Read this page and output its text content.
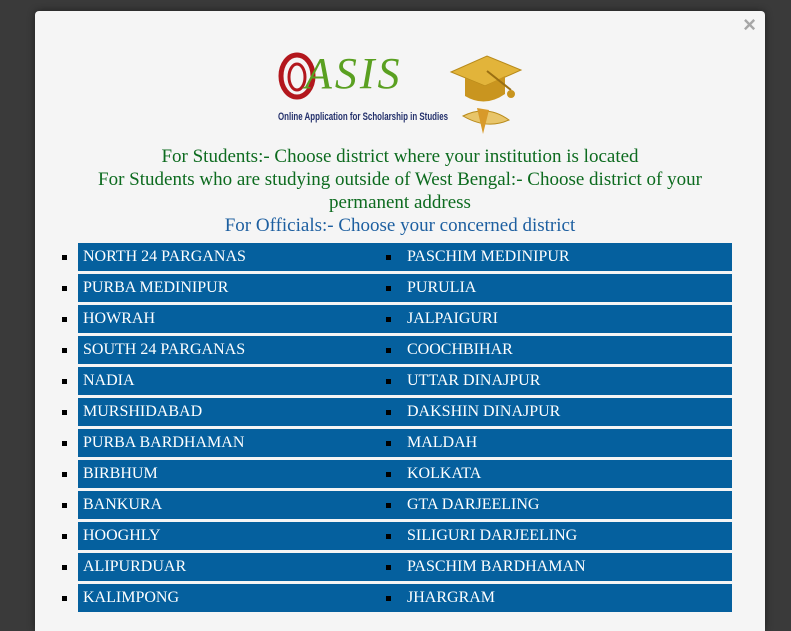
×
ASIS
Online Application for Scholarship in Studies
For Students:- Choose district where your institution is located
For Students who are studying outside of West Bengal:- Choose district of your permanent address
For Officials:- Choose your concerned district
NORTH 24 PARGANAS	PASCHIM MEDINIPUR
PURBA MEDINIPUR	PURULIA
HOWRAH	JALPAIGURI
SOUTH 24 PARGANAS	COOCHBIHAR
NADIA	UTTAR DINAJPUR
MURSHIDABAD	DAKSHIN DINAJPUR
PURBA BARDHAMAN	MALDAH
BIRBHUM	KOLKATA
BANKURA	GTA DARJEELING
HOOGHLY	SILIGURI DARJEELING
ALIPURDUAR	PASCHIM BARDHAMAN
KALIMPONG	JHARGRAM
